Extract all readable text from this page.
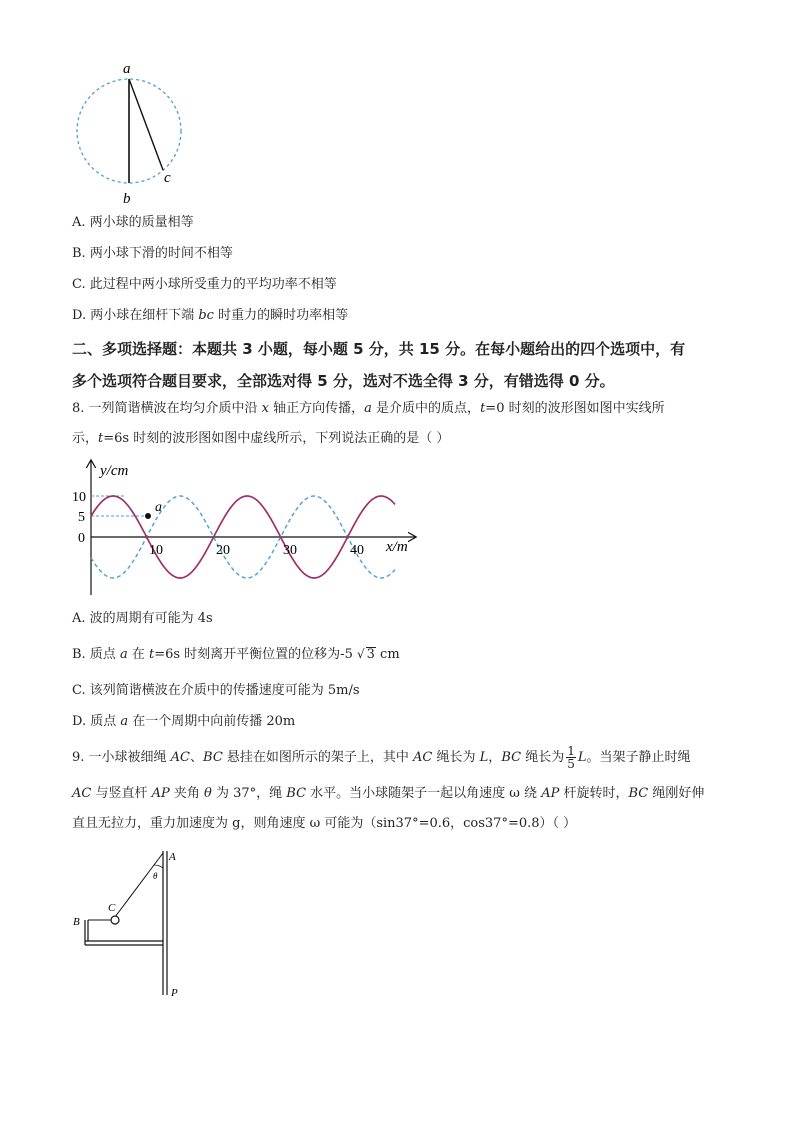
a
b
c
A. 两小球的质量相等
B. 两小球下滑的时间不相等
C. 此过程中两小球所受重力的平均功率不相等
D. 两小球在细杆下端 bc 时重力的瞬时功率相等
二、多项选择题：本题共 3 小题，每小题 5 分，共 15 分。在每小题给出的四个选项中，有
多个选项符合题目要求，全部选对得 5 分，选对不选全得 3 分，有错选得 0 分。
8. 一列简谐横波在均匀介质中沿 x 轴正方向传播，a 是介质中的质点，t=0 时刻的波形图如图中实线所
示，t=6s 时刻的波形图如图中虚线所示，下列说法正确的是（ ）
a
y/cm
x/m
10
5
0
10	20	30	40
A. 波的周期有可能为 4s
B. 质点 a 在 t=6s 时刻离开平衡位置的位移为-5 √ 3 cm
C. 该列简谐横波在介质中的传播速度可能为 5m/s
D. 质点 a 在一个周期中向前传播 20m
9. 一小球被细绳 AC、BC 悬挂在如图所示的架子上，其中 AC 绳长为 L，BC 绳长为 $\frac{1}{5}$ L。当架子静止时绳
AC 与竖直杆 AP 夹角 θ 为 37°，绳 BC 水平。当小球随架子一起以角速度 ω 绕 AP 杆旋转时，BC 绳刚好伸
直且无拉力，重力加速度为 g，则角速度 ω 可能为（sin37°=0.6，cos37°=0.8）（ ）
A
θ
C
B
P
